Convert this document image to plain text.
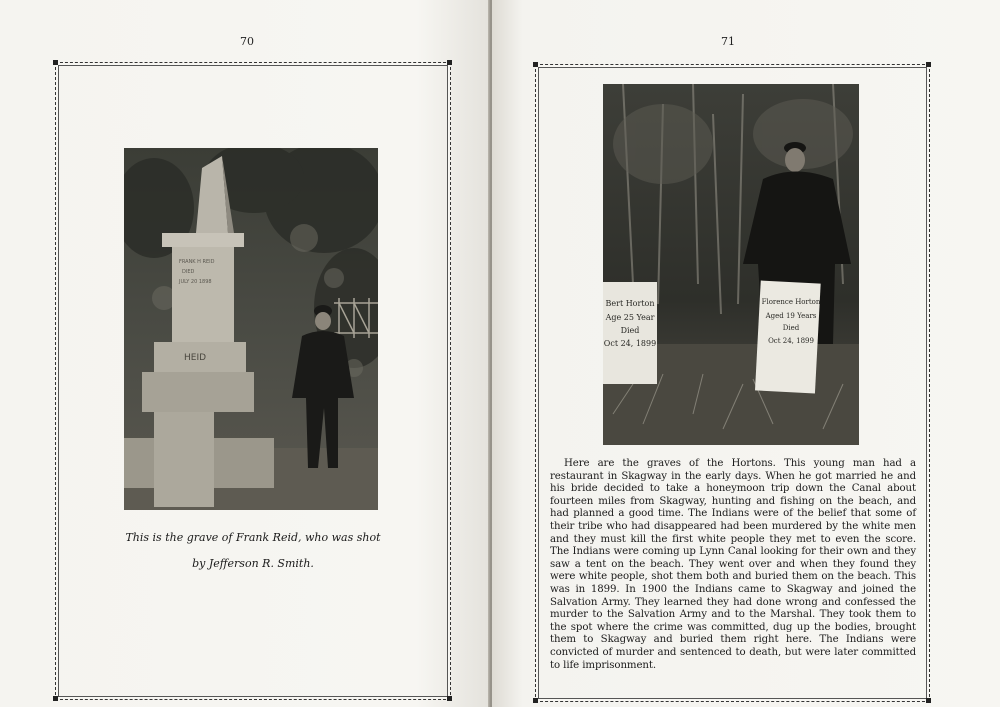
70
FRANK H REID
DIED
JULY 20 1898
HEID
This is the grave of Frank Reid, who was shot
by Jefferson R. Smith.
71
Bert Horton
Age 25 Year
Died
Oct 24, 1899
Florence Horton
Aged 19 Years
Died
Oct 24, 1899
Here are the graves of the Hortons. This young man had a restaurant in Skagway in the early days. When he got married he and his bride decided to take a honeymoon trip down the Canal about fourteen miles from Skagway, hunting and fishing on the beach, and had planned a good time. The Indians were of the belief that some of their tribe who had disappeared had been murdered by the white men and they must kill the first white people they met to even the score. The Indians were coming up Lynn Canal looking for their own and they saw a tent on the beach. They went over and when they found they were white people, shot them both and buried them on the beach. This was in 1899. In 1900 the Indians came to Skagway and joined the Salvation Army. They learned they had done wrong and confessed the murder to the Salvation Army and to the Marshal. They took them to the spot where the crime was committed, dug up the bodies, brought them to Skagway and buried them right here. The Indians were convicted of murder and sentenced to death, but were later committed to life imprisonment.
